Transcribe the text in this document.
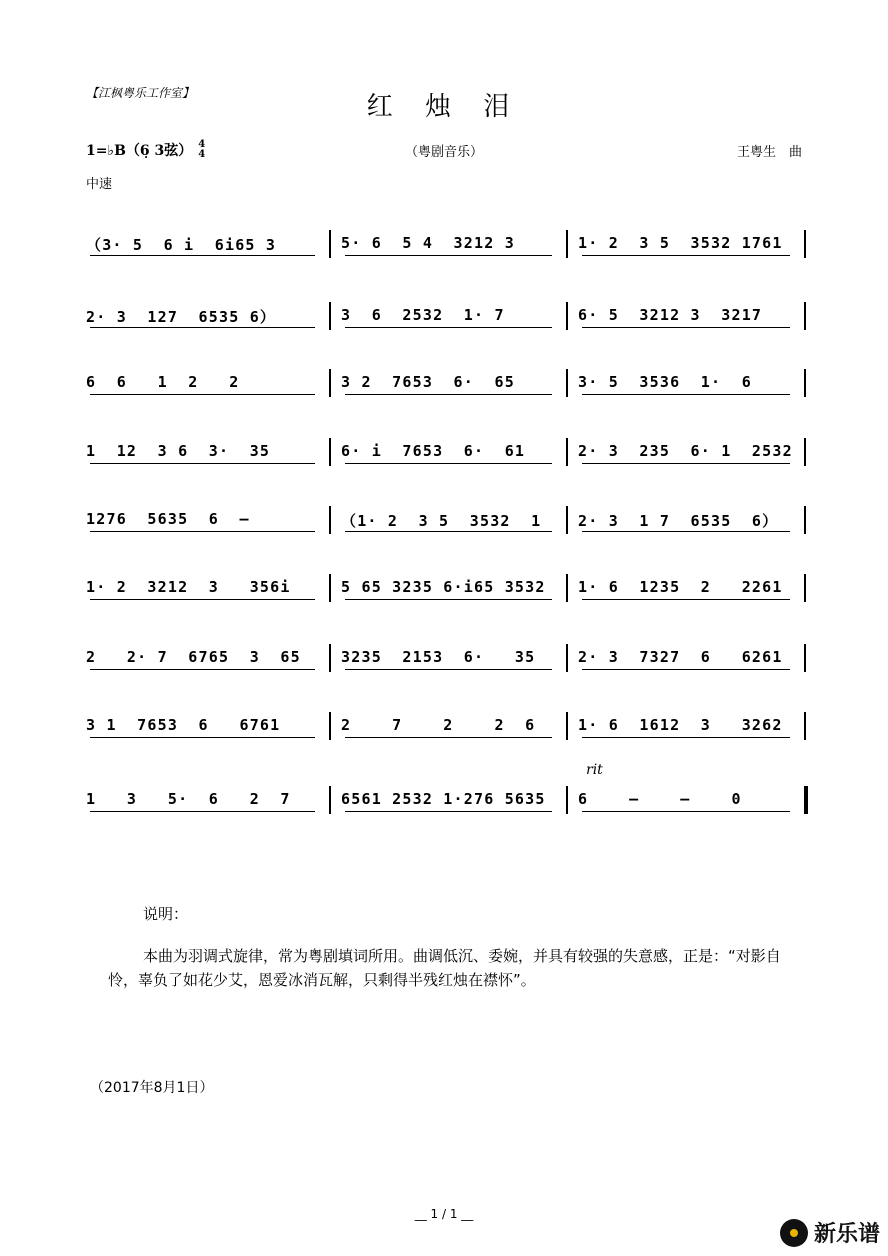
【江枫粤乐工作室】	红 烛 泪
（粤剧音乐）	王粤生　曲
1=♭B（6̣ 3弦） 4
4
中速
（3· 5  6 i  6i65 3	5· 6  5 4  3212 3	1· 2  3 5  3532 1761
2· 3  127  6535 6）	3  6  2532  1· 7	6· 5  3212 3  3217
6  6   1  2   2	3 2  7653  6·  65	3· 5  3536  1·  6
1  12  3 6  3·  35	6· i  7653  6·  61	2· 3  235  6· 1  2532
1276  5635  6  –	（1· 2  3 5  3532  1 2· 3  1 7  6535  6）
1· 2  3212  3   356i	5 65 3235 6·i65 3532 1· 6  1235  2   2261
2   2· 7  6765  3  65	3235  2153  6·   35	2· 3  7327  6   6261
3 1  7653  6   6761	2    7    2    2  6	1· 6  1612  3   3262
1   3   5·  6   2  7	6561 2532 1·276 5635 6    –    –    0
rit
说明：
本曲为羽调式旋律，常为粤剧填词所用。曲调低沉、委婉，并具有较强的失意感，正是：“对影自怜，辜负了如花少艾，恩爱冰消瓦解，只剩得半残红烛在襟怀”。
（2017年8月1日）
__ 1 / 1 __
新乐谱
